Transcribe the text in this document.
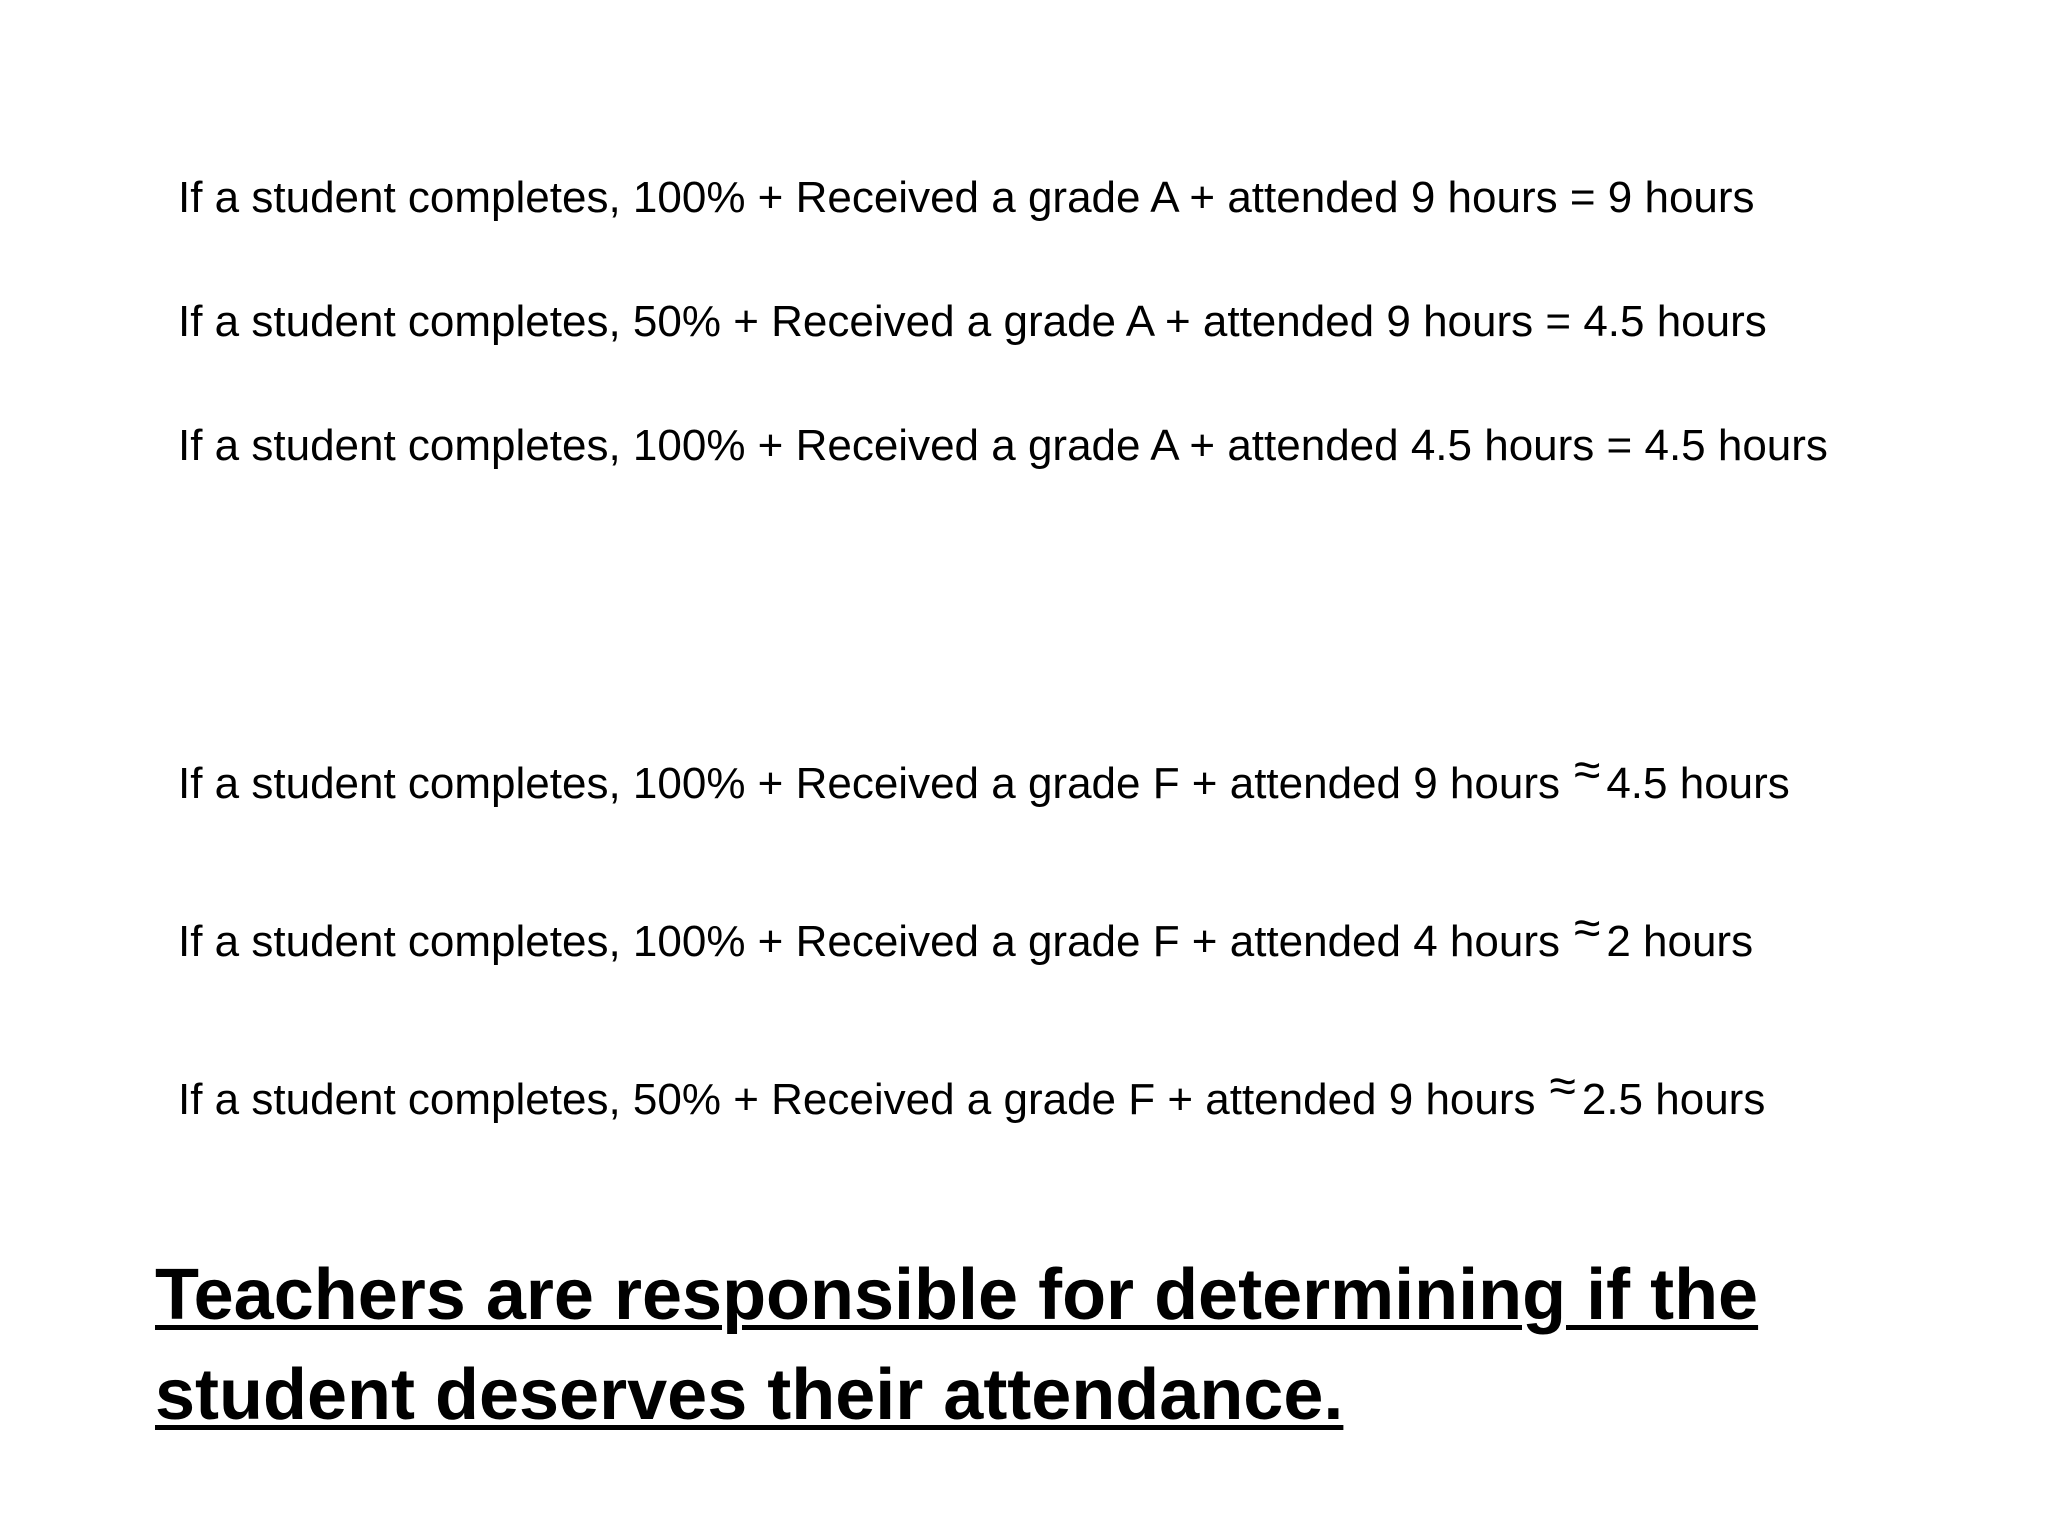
If a student completes, 100% + Received a grade A + attended 9 hours = 9 hours

If a student completes, 50% + Received a grade A + attended 9 hours = 4.5 hours

If a student completes, 100% + Received a grade A + attended 4.5 hours = 4.5 hours

If a student completes, 100% + Received a grade F + attended 9 hours ≈ 4.5 hours

If a student completes, 100% + Received a grade F + attended 4 hours ≈ 2 hours

If a student completes, 50% + Received a grade F + attended 9 hours ≈ 2.5 hours

Teachers are responsible for determining if the
student deserves their attendance.
